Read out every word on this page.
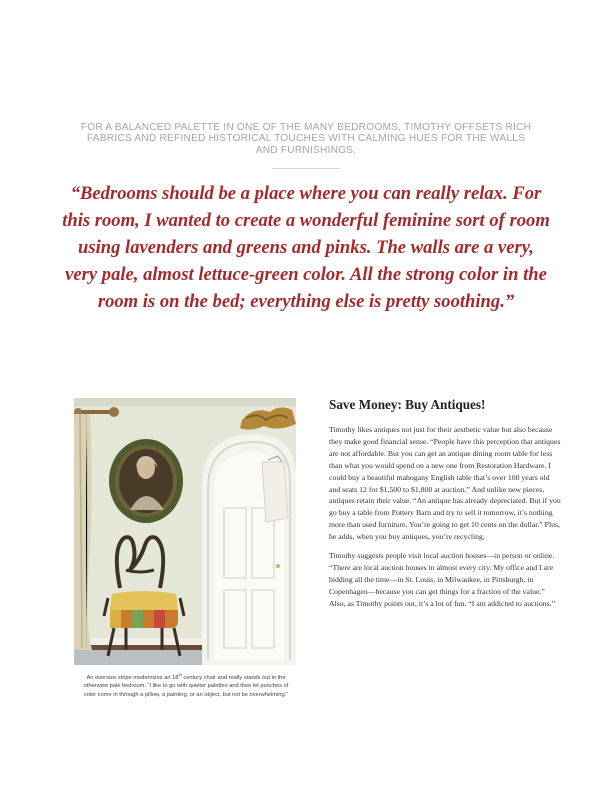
FOR A BALANCED PALETTE IN ONE OF THE MANY BEDROOMS, TIMOTHY OFFSETS RICH FABRICS AND REFINED HISTORICAL TOUCHES WITH CALMING HUES FOR THE WALLS AND FURNISHINGS.
“Bedrooms should be a place where you can really relax. For this room, I wanted to create a wonderful feminine sort of room using lavenders and greens and pinks. The walls are a very, very pale, almost lettuce-green color. All the strong color in the room is on the bed; everything else is pretty soothing.”
An oversize stripe modernizes an 18th century chair and really stands out in the otherwise pale bedroom. “I like to go with quieter palettes and then let punches of color come in through a pillow, a painting, or an object, but not be overwhelming.”
Save Money: Buy Antiques!

Timothy likes antiques not just for their aesthetic value but also because they make good financial sense. “People have this perception that antiques are not affordable. But you can get an antique dining room table for less than what you would spend on a new one from Restoration Hardware. I could buy a beautiful mahogany English table that’s over 100 years old and seats 12 for $1,500 to $1,800 at auction.” And unlike new pieces, antiques retain their value. “An antique has already depreciated. But if you go buy a table from Pottery Barn and try to sell it tomorrow, it’s nothing more than used furniture. You’re going to get 10 cents on the dollar.” Plus, he adds, when you buy antiques, you’re recycling.

Timothy suggests people visit local auction houses—in person or online. “There are local auction houses in almost every city. My office and I are bidding all the time—in St. Louis, in Milwaukee, in Pittsburgh, in Copenhagen—because you can get things for a fraction of the value.” Also, as Timothy points out, it’s a lot of fun. “I am addicted to auctions.”
